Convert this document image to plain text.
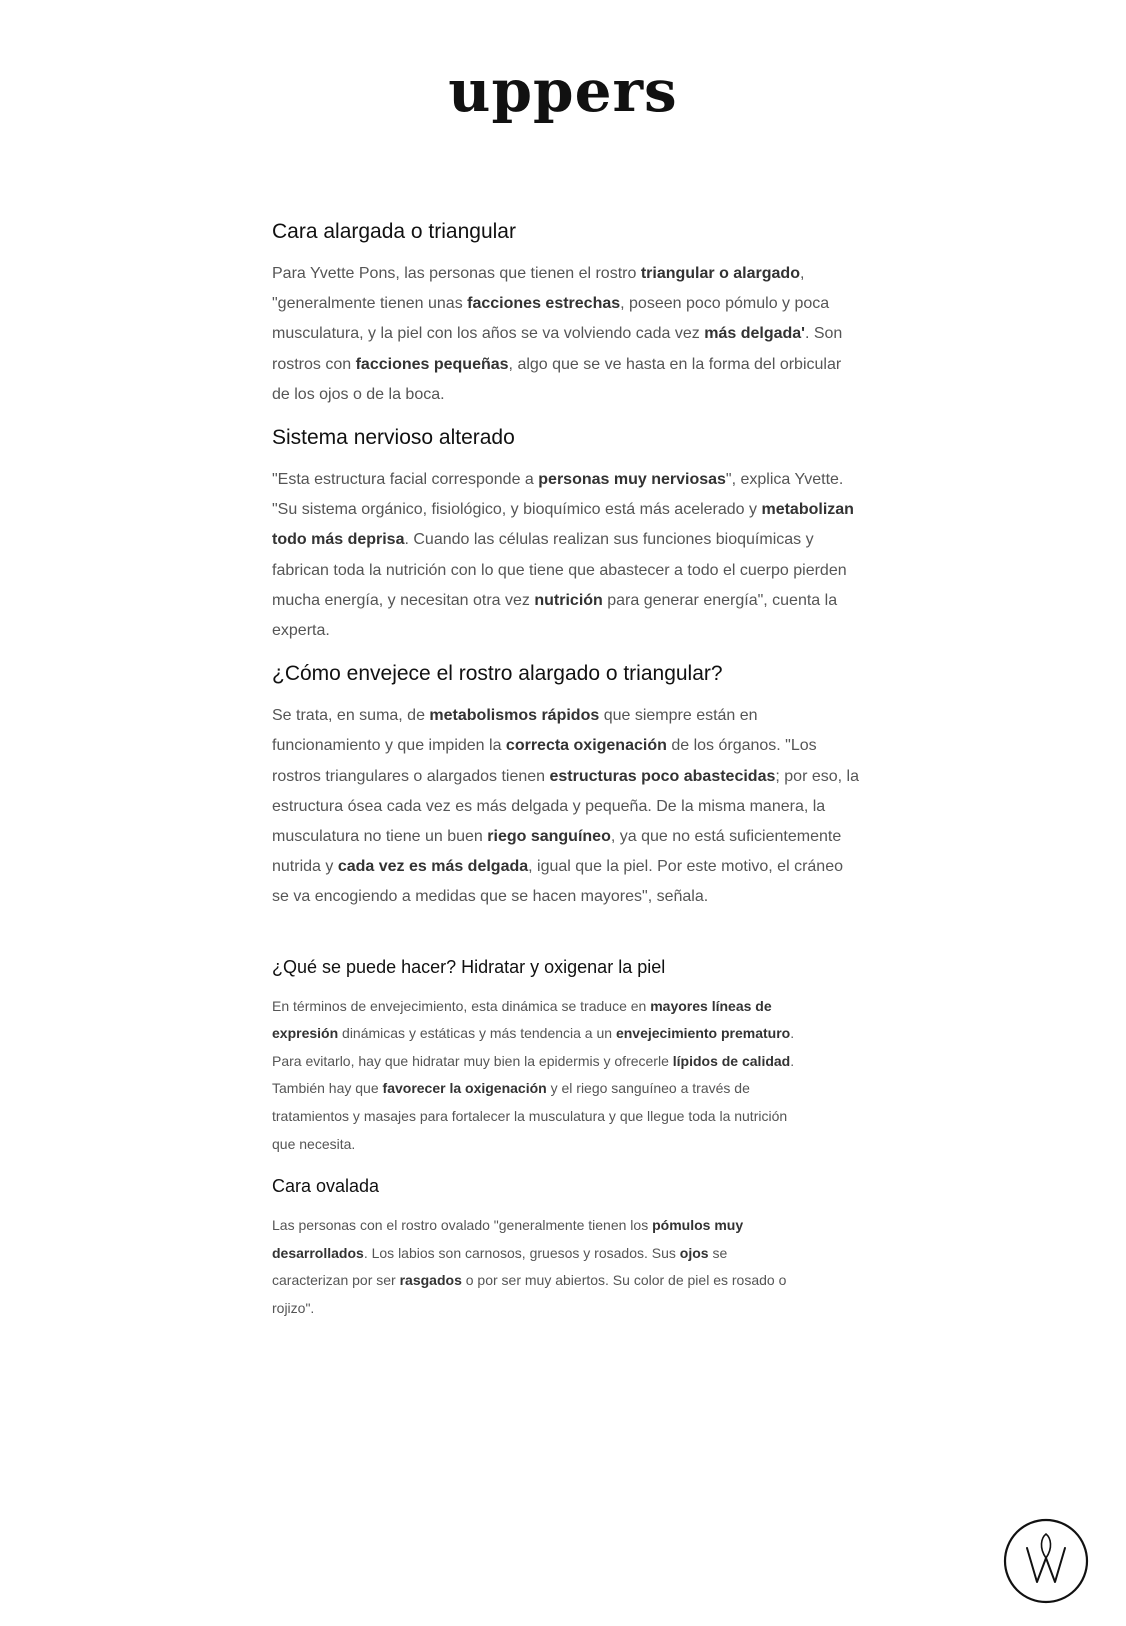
uppers
Cara alargada o triangular

Para Yvette Pons, las personas que tienen el rostro triangular o alargado, "generalmente tienen unas facciones estrechas, poseen poco pómulo y poca musculatura, y la piel con los años se va volviendo cada vez más delgada'. Son rostros con facciones pequeñas, algo que se ve hasta en la forma del orbicular de los ojos o de la boca.

Sistema nervioso alterado

"Esta estructura facial corresponde a personas muy nerviosas", explica Yvette. "Su sistema orgánico, fisiológico, y bioquímico está más acelerado y metabolizan todo más deprisa. Cuando las células realizan sus funciones bioquímicas y fabrican toda la nutrición con lo que tiene que abastecer a todo el cuerpo pierden mucha energía, y necesitan otra vez nutrición para generar energía", cuenta la experta.

¿Cómo envejece el rostro alargado o triangular?

Se trata, en suma, de metabolismos rápidos que siempre están en funcionamiento y que impiden la correcta oxigenación de los órganos. "Los rostros triangulares o alargados tienen estructuras poco abastecidas; por eso, la estructura ósea cada vez es más delgada y pequeña. De la misma manera, la musculatura no tiene un buen riego sanguíneo, ya que no está suficientemente nutrida y cada vez es más delgada, igual que la piel. Por este motivo, el cráneo se va encogiendo a medidas que se hacen mayores", señala.

¿Qué se puede hacer? Hidratar y oxigenar la piel

En términos de envejecimiento, esta dinámica se traduce en mayores líneas de expresión dinámicas y estáticas y más tendencia a un envejecimiento prematuro. Para evitarlo, hay que hidratar muy bien la epidermis y ofrecerle lípidos de calidad. También hay que favorecer la oxigenación y el riego sanguíneo a través de tratamientos y masajes para fortalecer la musculatura y que llegue toda la nutrición que necesita.

Cara ovalada

Las personas con el rostro ovalado "generalmente tienen los pómulos muy desarrollados. Los labios son carnosos, gruesos y rosados. Sus ojos se caracterizan por ser rasgados o por ser muy abiertos. Su color de piel es rosado o rojizo".
